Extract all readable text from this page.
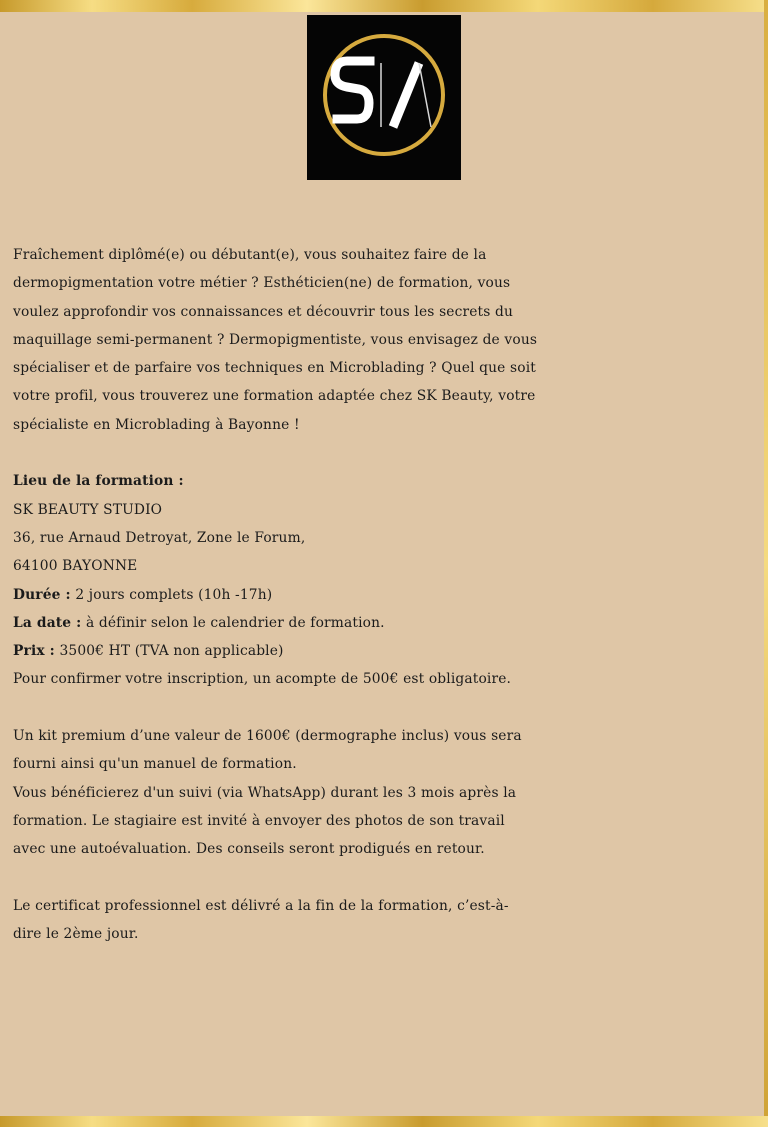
Fraîchement diplômé(e) ou débutant(e), vous souhaitez faire de la
dermopigmentation votre métier ? Esthéticien(ne) de formation, vous
voulez approfondir vos connaissances et découvrir tous les secrets du
maquillage semi-permanent ? Dermopigmentiste, vous envisagez de vous
spécialiser et de parfaire vos techniques en Microblading ? Quel que soit
votre profil, vous trouverez une formation adaptée chez SK Beauty, votre
spécialiste en Microblading à Bayonne !
Lieu de la formation :
SK BEAUTY STUDIO
36, rue Arnaud Detroyat, Zone le Forum,
64100 BAYONNE
Durée : 2 jours complets (10h -17h)
La date : à définir selon le calendrier de formation.
Prix : 3500€ HT (TVA non applicable)
Pour confirmer votre inscription, un acompte de 500€ est obligatoire.
Un kit premium d’une valeur de 1600€ (dermographe inclus) vous sera
fourni ainsi qu'un manuel de formation.
Vous bénéficierez d'un suivi (via WhatsApp) durant les 3 mois après la
formation. Le stagiaire est invité à envoyer des photos de son travail
avec une autoévaluation. Des conseils seront prodigués en retour.
Le certificat professionnel est délivré a la fin de la formation, c’est-à-
dire le 2ème jour.
